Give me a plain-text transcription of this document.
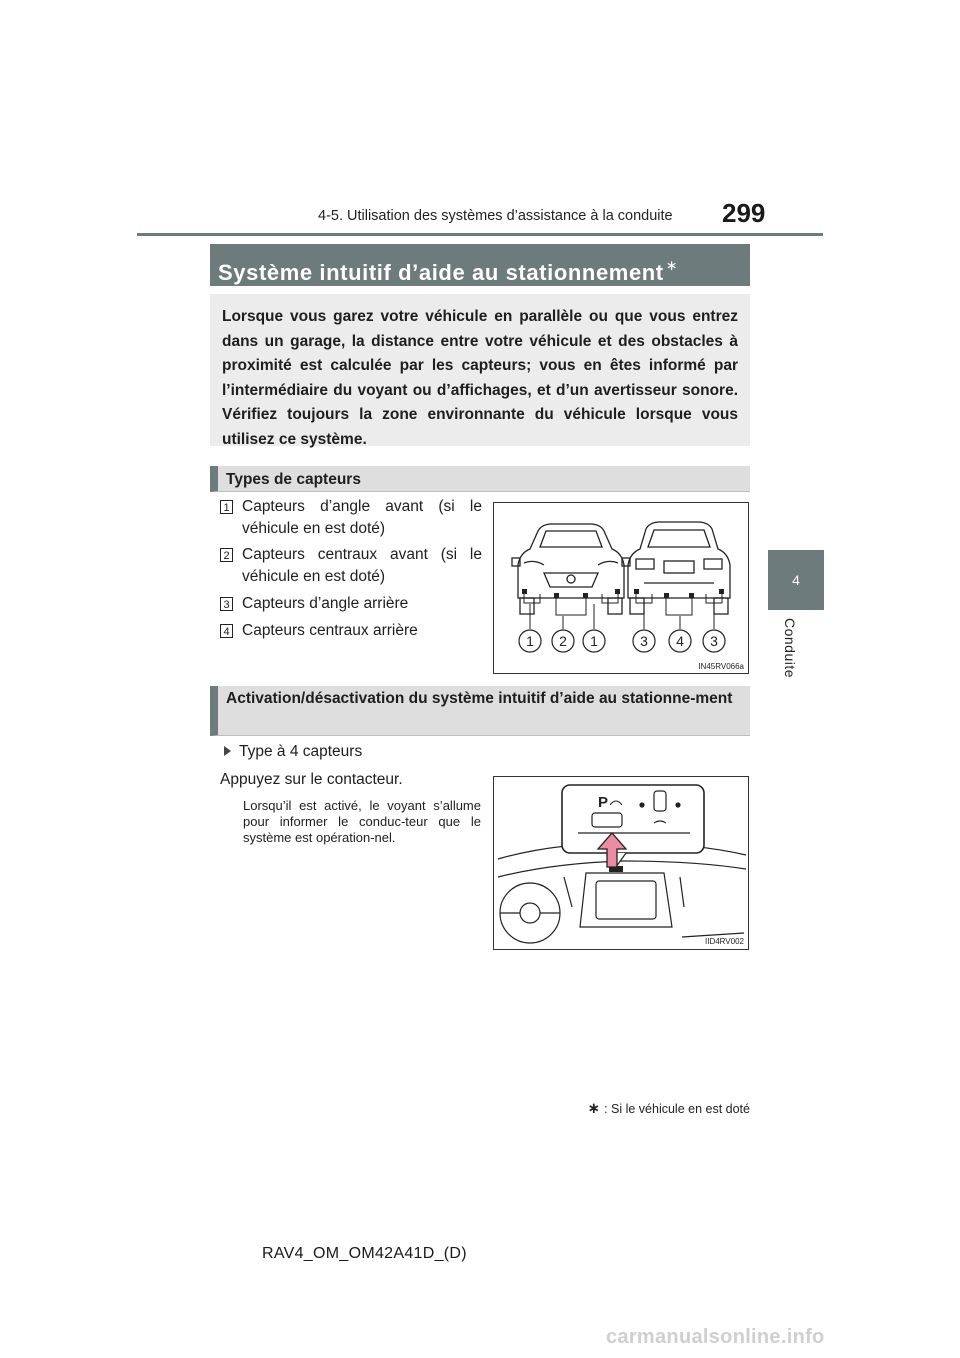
4-5. Utilisation des systèmes d’assistance à la conduite 299
4
Conduite
Système intuitif d’aide au stationnement ∗
Lorsque vous garez votre véhicule en parallèle ou que vous entrez dans un garage, la distance entre votre véhicule et des obstacles à proximité est calculée par les capteurs; vous en êtes informé par l’intermédiaire du voyant ou d’affichages, et d’un avertisseur sonore. Vérifiez toujours la zone environnante du véhicule lorsque vous utilisez ce système.
Types de capteurs
1 Capteurs d’angle avant (si le véhicule en est doté)
2 Capteurs centraux avant (si le véhicule en est doté)
3 Capteurs d’angle arrière
4 Capteurs centraux arrière
1 2 1	3 4 3
IN45RV066a
Activation/désactivation du système intuitif d’aide au stationne-ment
Type à 4 capteurs
Appuyez sur le contacteur.
Lorsqu’il est activé, le voyant s’allume pour informer le conduc-teur que le système est opération-nel.
P
IID4RV002
∗ : Si le véhicule en est doté
RAV4_OM_OM42A41D_(D)
carmanualsonline.info
